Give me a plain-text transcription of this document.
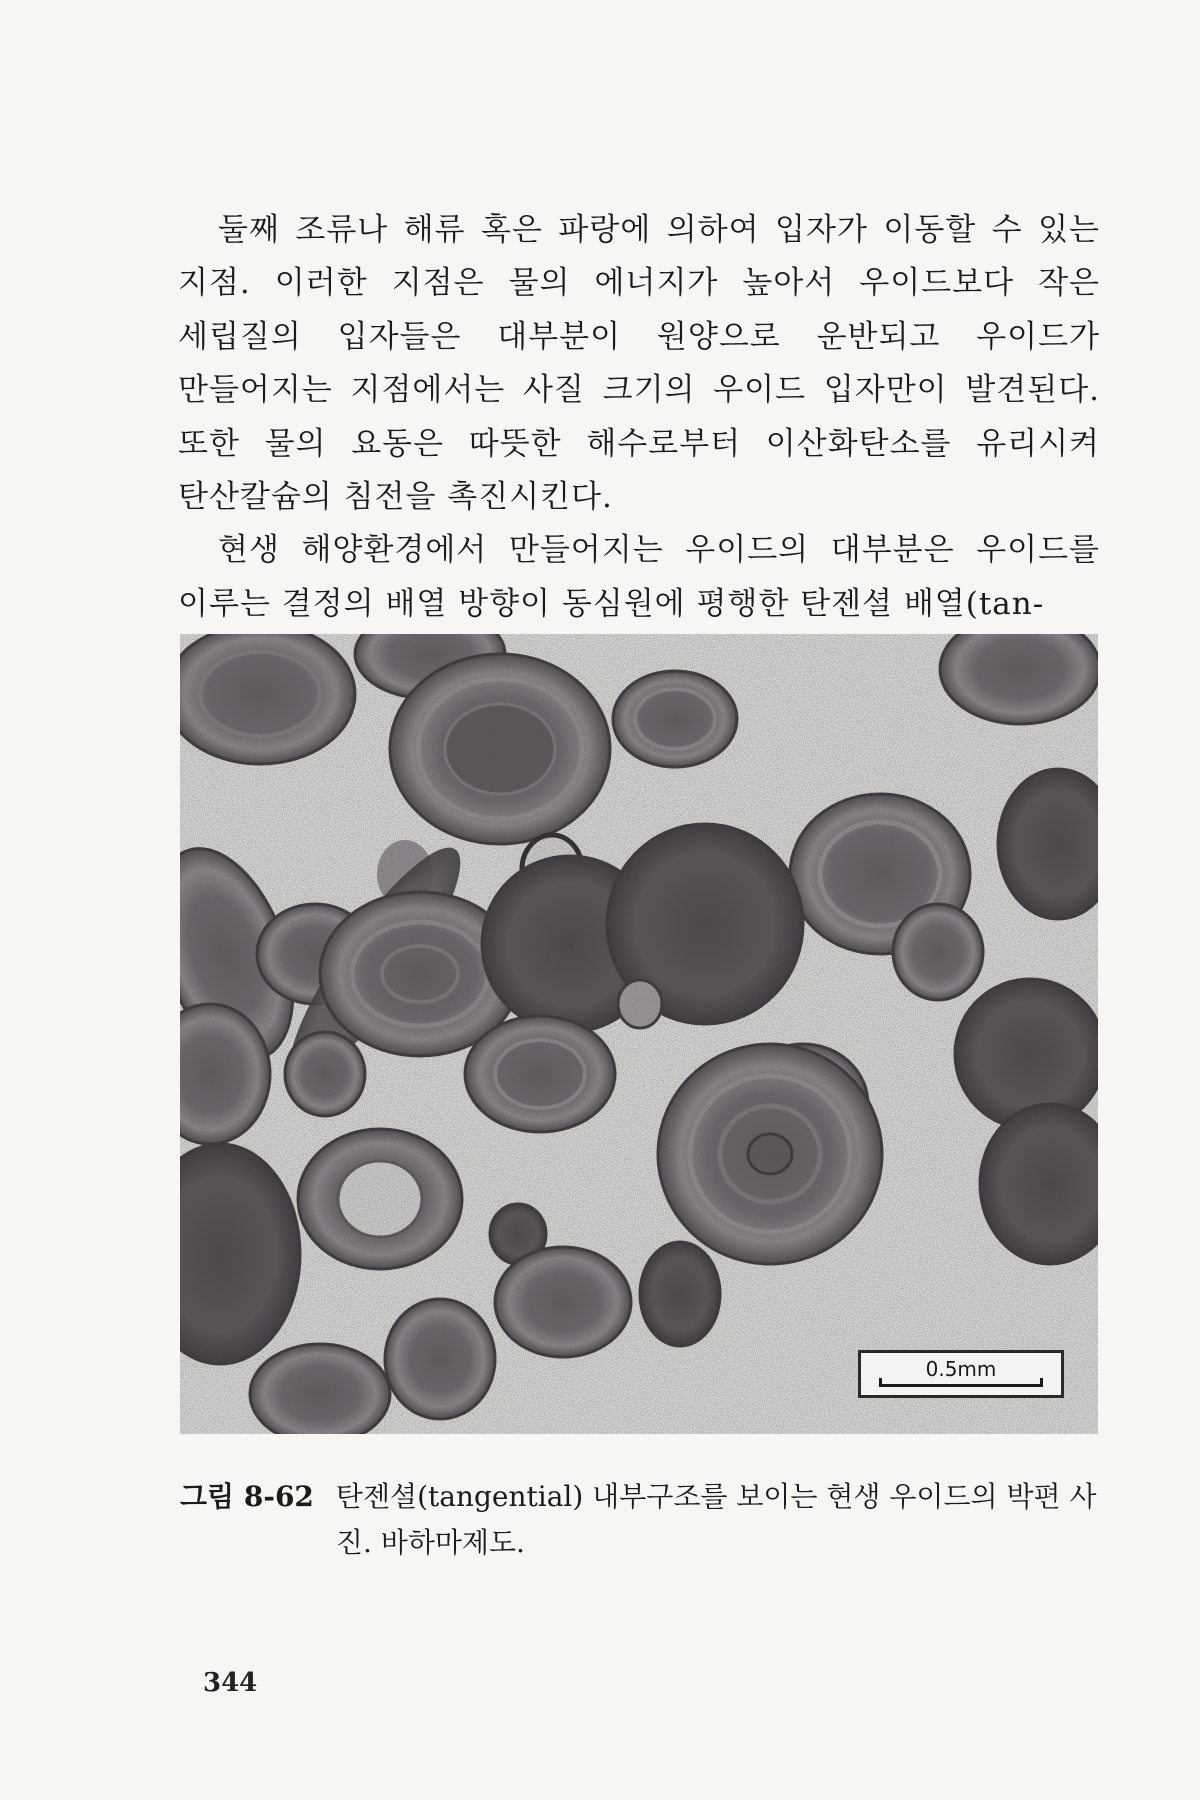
둘째 조류나 해류 혹은 파랑에 의하여 입자가 이동할 수 있는 지점. 이러한 지점은 물의 에너지가 높아서 우이드보다 작은 세립질의 입자들은 대부분이 원양으로 운반되고 우이드가 만들어지는 지점에서는 사질 크기의 우이드 입자만이 발견된다. 또한 물의 요동은 따뜻한 해수로부터 이산화탄소를 유리시켜 탄산칼슘의 침전을 촉진시킨다.

현생 해양환경에서 만들어지는 우이드의 대부분은 우이드를 이루는 결정의 배열 방향이 동심원에 평행한 탄젠셜 배열(tan-

0.5mm
그림 8-62 탄젠셜(tangential) 내부구조를 보이는 현생 우이드의 박편 사진. 바하마제도.
344
